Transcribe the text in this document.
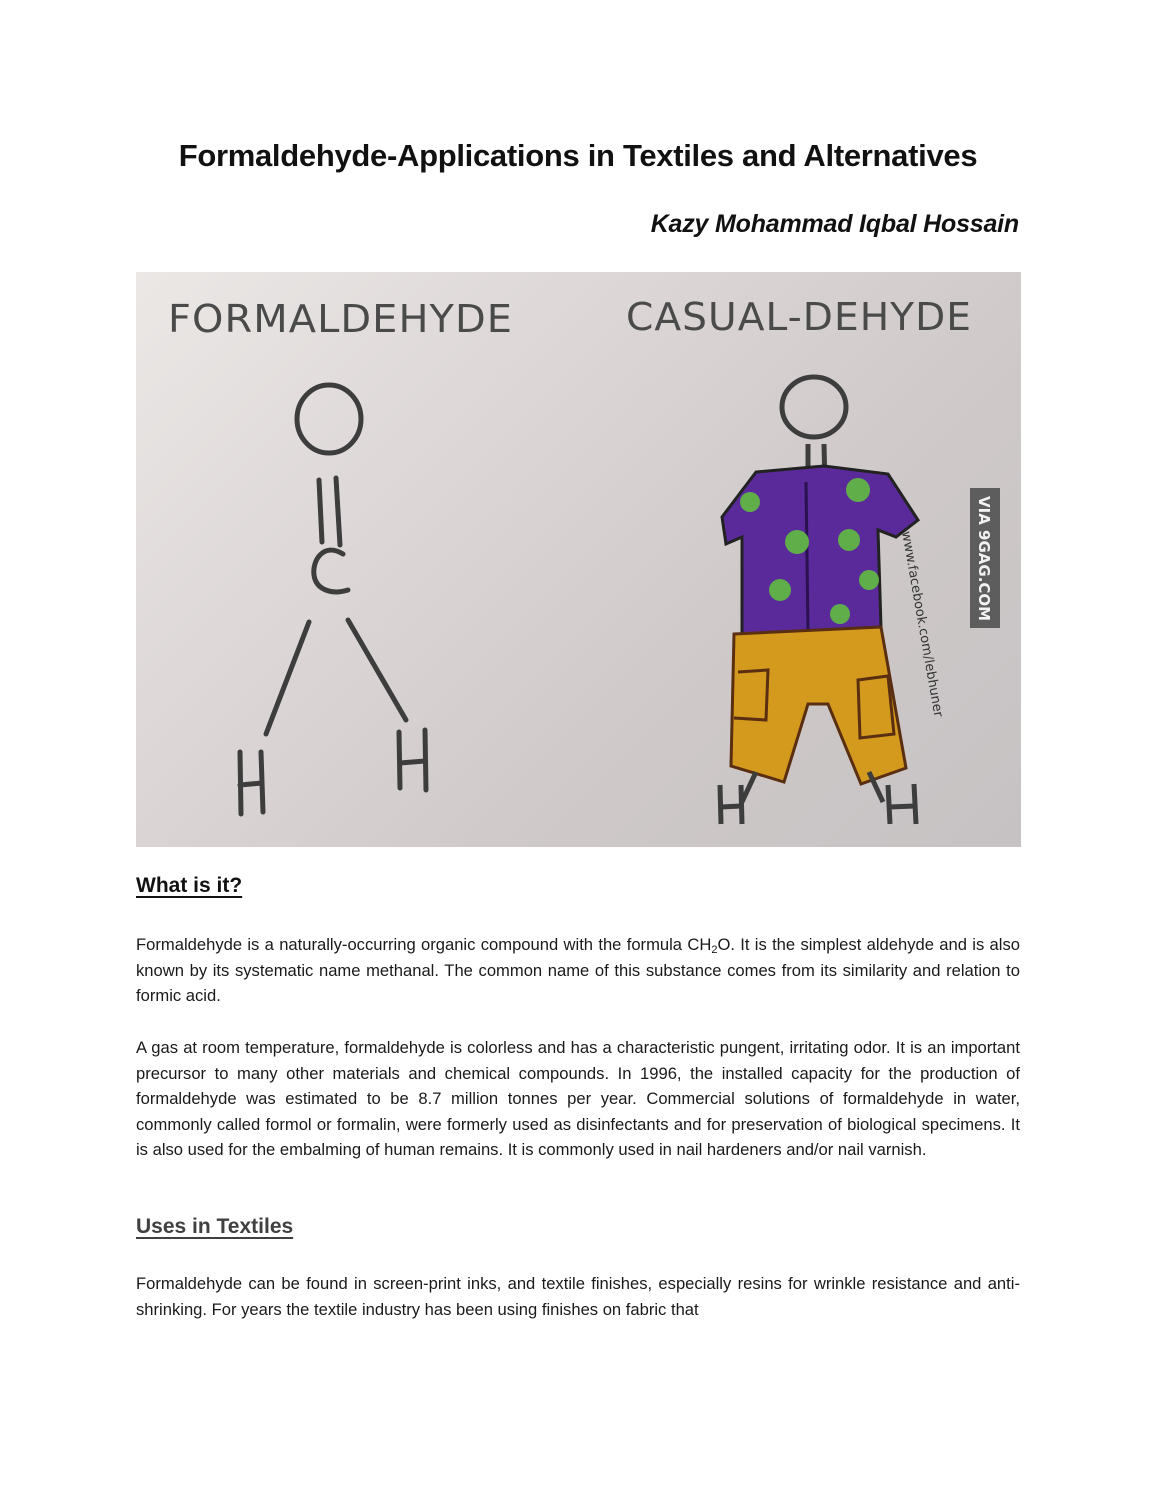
Formaldehyde-Applications in Textiles and Alternatives
Kazy Mohammad Iqbal Hossain
FORMALDEHYDE	CASUAL-DEHYDE
www.facebook.com/lebhuner VIA 9GAG.COM
What is it?

Formaldehyde is a naturally-occurring organic compound with the formula $CH_2O$. It is the simplest aldehyde and is also known by its systematic name methanal. The common name of this substance comes from its similarity and relation to formic acid.

A gas at room temperature, formaldehyde is colorless and has a characteristic pungent, irritating odor. It is an important precursor to many other materials and chemical compounds. In 1996, the installed capacity for the production of formaldehyde was estimated to be 8.7 million tonnes per year. Commercial solutions of formaldehyde in water, commonly called formol or formalin, were formerly used as disinfectants and for preservation of biological specimens. It is also used for the embalming of human remains. It is commonly used in nail hardeners and/or nail varnish.

Uses in Textiles

Formaldehyde can be found in screen-print inks, and textile finishes, especially resins for wrinkle resistance and anti-shrinking. For years the textile industry has been using finishes on fabric that
